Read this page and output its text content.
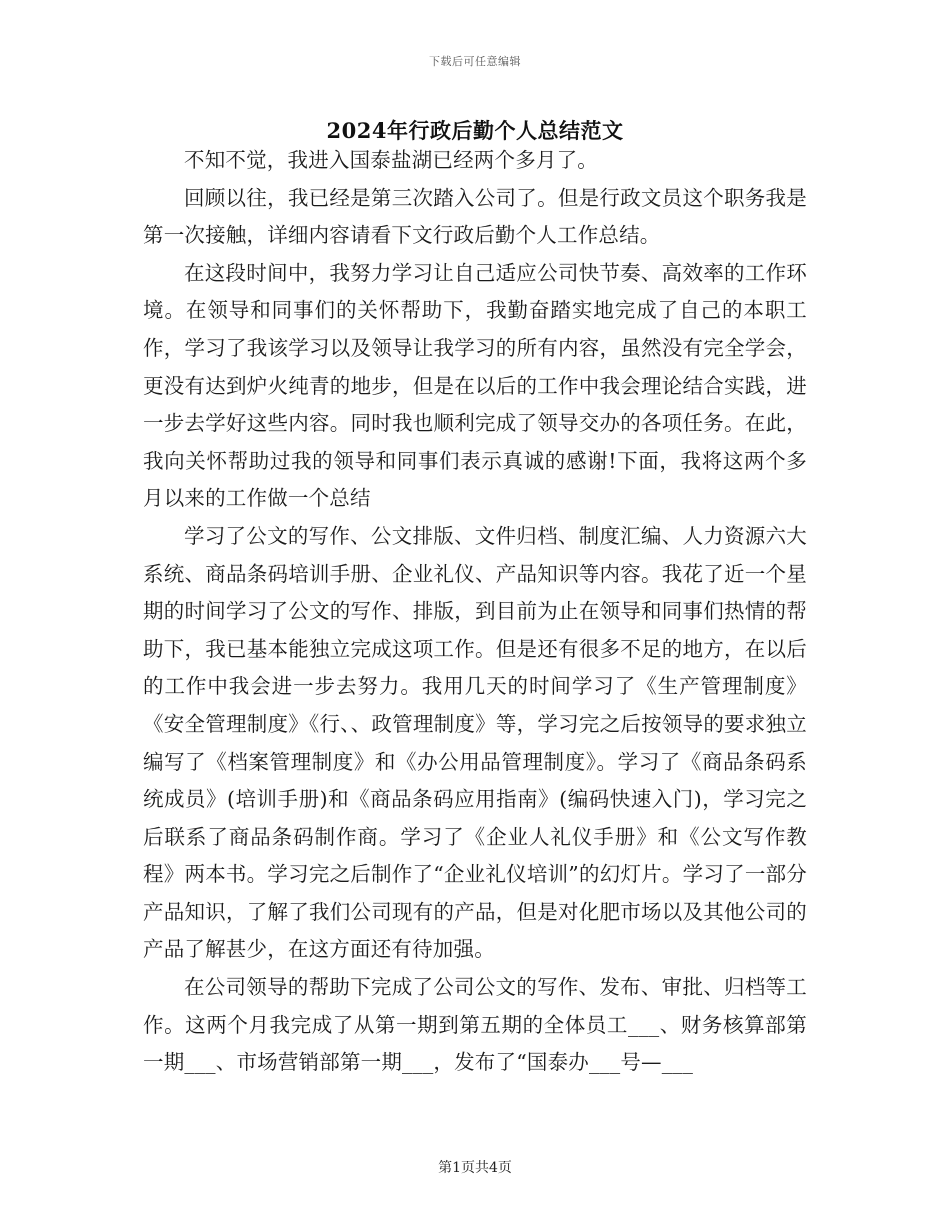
下载后可任意编辑
2024年行政后勤个人总结范文

不知不觉，我进入国泰盐湖已经两个多月了。

回顾以往，我已经是第三次踏入公司了。但是行政文员这个职务我是第一次接触，详细内容请看下文行政后勤个人工作总结。

在这段时间中，我努力学习让自己适应公司快节奏、高效率的工作环境。在领导和同事们的关怀帮助下，我勤奋踏实地完成了自己的本职工作，学习了我该学习以及领导让我学习的所有内容，虽然没有完全学会，更没有达到炉火纯青的地步，但是在以后的工作中我会理论结合实践，进一步去学好这些内容。同时我也顺利完成了领导交办的各项任务。在此，我向关怀帮助过我的领导和同事们表示真诚的感谢!下面，我将这两个多月以来的工作做一个总结

学习了公文的写作、公文排版、文件归档、制度汇编、人力资源六大系统、商品条码培训手册、企业礼仪、产品知识等内容。我花了近一个星期的时间学习了公文的写作、排版，到目前为止在领导和同事们热情的帮助下，我已基本能独立完成这项工作。但是还有很多不足的地方，在以后的工作中我会进一步去努力。我用几天的时间学习了《生产管理制度》《安全管理制度》《行、、政管理制度》等，学习完之后按领导的要求独立编写了《档案管理制度》和《办公用品管理制度》。学习了《商品条码系统成员》(培训手册)和《商品条码应用指南》(编码快速入门)，学习完之后联系了商品条码制作商。学习了《企业人礼仪手册》和《公文写作教程》两本书。学习完之后制作了“企业礼仪培训”的幻灯片。学习了一部分产品知识，了解了我们公司现有的产品，但是对化肥市场以及其他公司的产品了解甚少，在这方面还有待加强。

在公司领导的帮助下完成了公司公文的写作、发布、审批、归档等工作。这两个月我完成了从第一期到第五期的全体员工___、财务核算部第一期___、市场营销部第一期___，发布了“国泰办___号—___

第1页共4页
